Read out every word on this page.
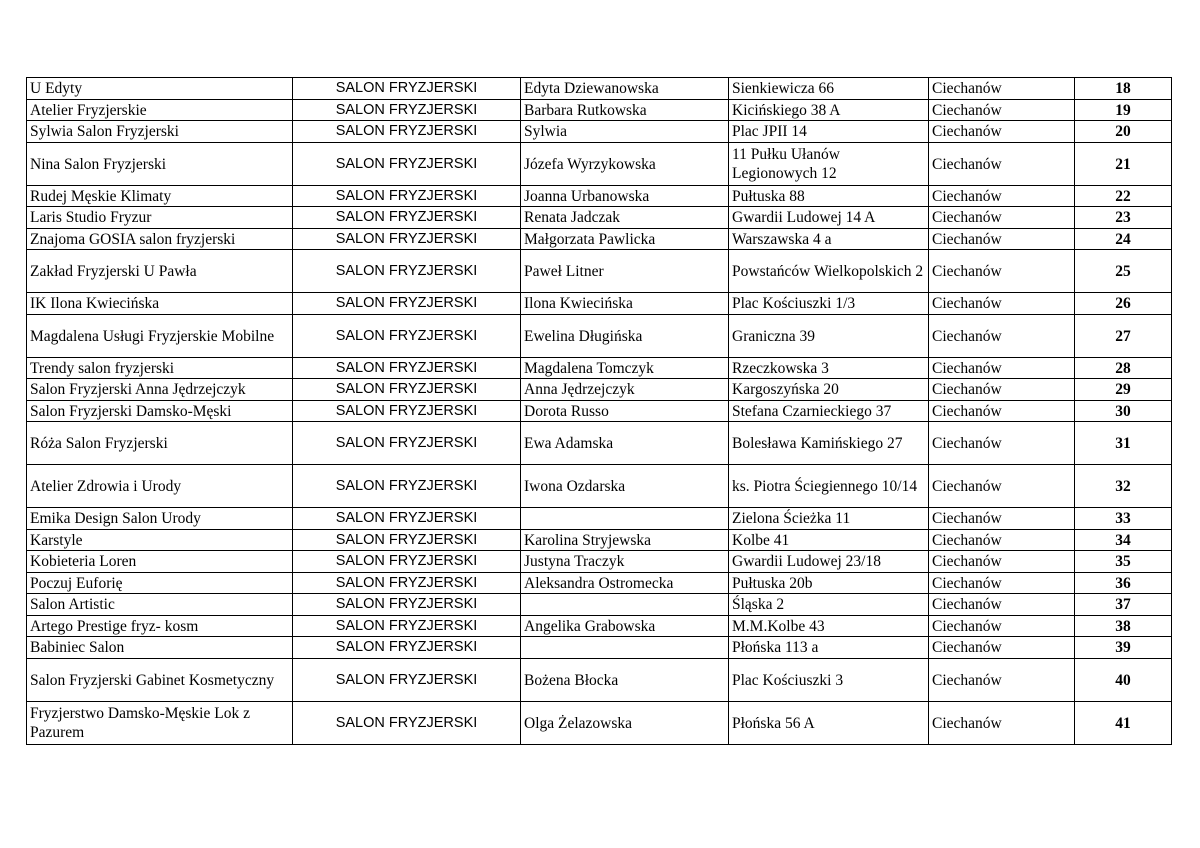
U Edyty	SALON FRYZJERSKI	Edyta Dziewanowska	Sienkiewicza 66	Ciechanów	18
Atelier Fryzjerskie	SALON FRYZJERSKI	Barbara Rutkowska	Kicińskiego 38 A	Ciechanów	19
Sylwia Salon Fryzjerski	SALON FRYZJERSKI	Sylwia	Plac JPII 14	Ciechanów	20
Nina Salon Fryzjerski	SALON FRYZJERSKI	Józefa Wyrzykowska	11 Pułku Ułanów Legionowych 12	Ciechanów	21
Rudej Męskie Klimaty	SALON FRYZJERSKI	Joanna Urbanowska	Pułtuska 88	Ciechanów	22
Laris Studio Fryzur	SALON FRYZJERSKI	Renata Jadczak	Gwardii Ludowej 14 A	Ciechanów	23
Znajoma GOSIA salon fryzjerski	SALON FRYZJERSKI	Małgorzata Pawlicka	Warszawska 4 a	Ciechanów	24
Zakład Fryzjerski U Pawła	SALON FRYZJERSKI	Paweł Litner	Powstańców Wielkopolskich 2	Ciechanów	25
IK Ilona Kwiecińska	SALON FRYZJERSKI	Ilona Kwiecińska	Plac Kościuszki 1/3	Ciechanów	26
Magdalena Usługi Fryzjerskie Mobilne	SALON FRYZJERSKI	Ewelina Długińska	Graniczna 39	Ciechanów	27
Trendy salon fryzjerski	SALON FRYZJERSKI	Magdalena Tomczyk	Rzeczkowska 3	Ciechanów	28
Salon Fryzjerski Anna Jędrzejczyk	SALON FRYZJERSKI	Anna Jędrzejczyk	Kargoszyńska 20	Ciechanów	29
Salon Fryzjerski Damsko-Męski	SALON FRYZJERSKI	Dorota Russo	Stefana Czarnieckiego 37	Ciechanów	30
Róża Salon Fryzjerski	SALON FRYZJERSKI	Ewa Adamska	Bolesława Kamińskiego 27	Ciechanów	31
Atelier Zdrowia i Urody	SALON FRYZJERSKI	Iwona Ozdarska	ks. Piotra Ściegiennego 10/14	Ciechanów	32
Emika Design Salon Urody	SALON FRYZJERSKI		Zielona Ścieżka 11	Ciechanów	33
Karstyle	SALON FRYZJERSKI	Karolina Stryjewska	Kolbe 41	Ciechanów	34
Kobieteria Loren	SALON FRYZJERSKI	Justyna Traczyk	Gwardii Ludowej 23/18	Ciechanów	35
Poczuj Euforię	SALON FRYZJERSKI	Aleksandra Ostromecka	Pułtuska 20b	Ciechanów	36
Salon Artistic	SALON FRYZJERSKI		Śląska 2	Ciechanów	37
Artego Prestige fryz- kosm	SALON FRYZJERSKI	Angelika Grabowska	M.M.Kolbe 43	Ciechanów	38
Babiniec Salon	SALON FRYZJERSKI		Płońska 113 a	Ciechanów	39
Salon Fryzjerski Gabinet Kosmetyczny	SALON FRYZJERSKI	Bożena Błocka	Plac Kościuszki 3	Ciechanów	40
Fryzjerstwo Damsko-Męskie Lok z Pazurem	SALON FRYZJERSKI	Olga Żelazowska	Płońska 56 A	Ciechanów	41
